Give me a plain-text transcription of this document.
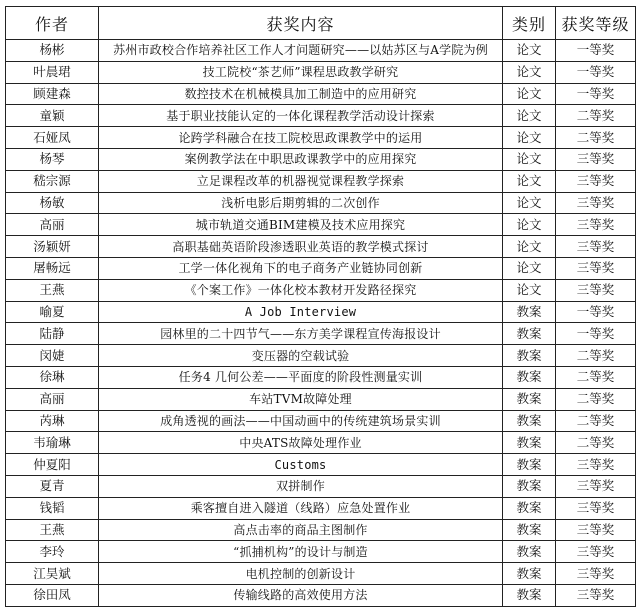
作者	获奖内容	类别	获奖等级
杨彬	苏州市政校合作培养社区工作人才问题研究——以姑苏区与A学院为例	论文	一等奖
叶晨珺	技工院校“茶艺师”课程思政教学研究	论文	一等奖
顾建森	数控技术在机械模具加工制造中的应用研究	论文	一等奖
童颖	基于职业技能认定的一体化课程教学活动设计探索	论文	二等奖
石娅凤	论跨学科融合在技工院校思政课教学中的运用	论文	二等奖
杨琴	案例教学法在中职思政课教学中的应用探究	论文	三等奖
嵇宗源	立足课程改革的机器视觉课程教学探索	论文	三等奖
杨敏	浅析电影后期剪辑的二次创作	论文	三等奖
高丽	城市轨道交通BIM建模及技术应用探究	论文	三等奖
汤颖妍	高职基础英语阶段渗透职业英语的教学模式探讨	论文	三等奖
屠畅远	工学一体化视角下的电子商务产业链协同创新	论文	三等奖
王燕	《个案工作》一体化校本教材开发路径探究	论文	三等奖
喻夏	A Job Interview	教案	一等奖
陆静	园林里的二十四节气——东方美学课程宣传海报设计	教案	一等奖
闵婕	变压器的空载试验	教案	二等奖
徐琳	任务4 几何公差——平面度的阶段性测量实训	教案	二等奖
高丽	车站TVM故障处理	教案	二等奖
芮琳	成角透视的画法——中国动画中的传统建筑场景实训	教案	二等奖
韦瑜琳	中央ATS故障处理作业	教案	二等奖
仲夏阳	Customs	教案	三等奖
夏青	双拼制作	教案	三等奖
钱韬	乘客擅自进入隧道（线路）应急处置作业	教案	三等奖
王燕	高点击率的商品主图制作	教案	三等奖
李玲	“抓捕机构”的设计与制造	教案	三等奖
江昊斌	电机控制的创新设计	教案	三等奖
徐田凤	传输线路的高效使用方法	教案	三等奖
